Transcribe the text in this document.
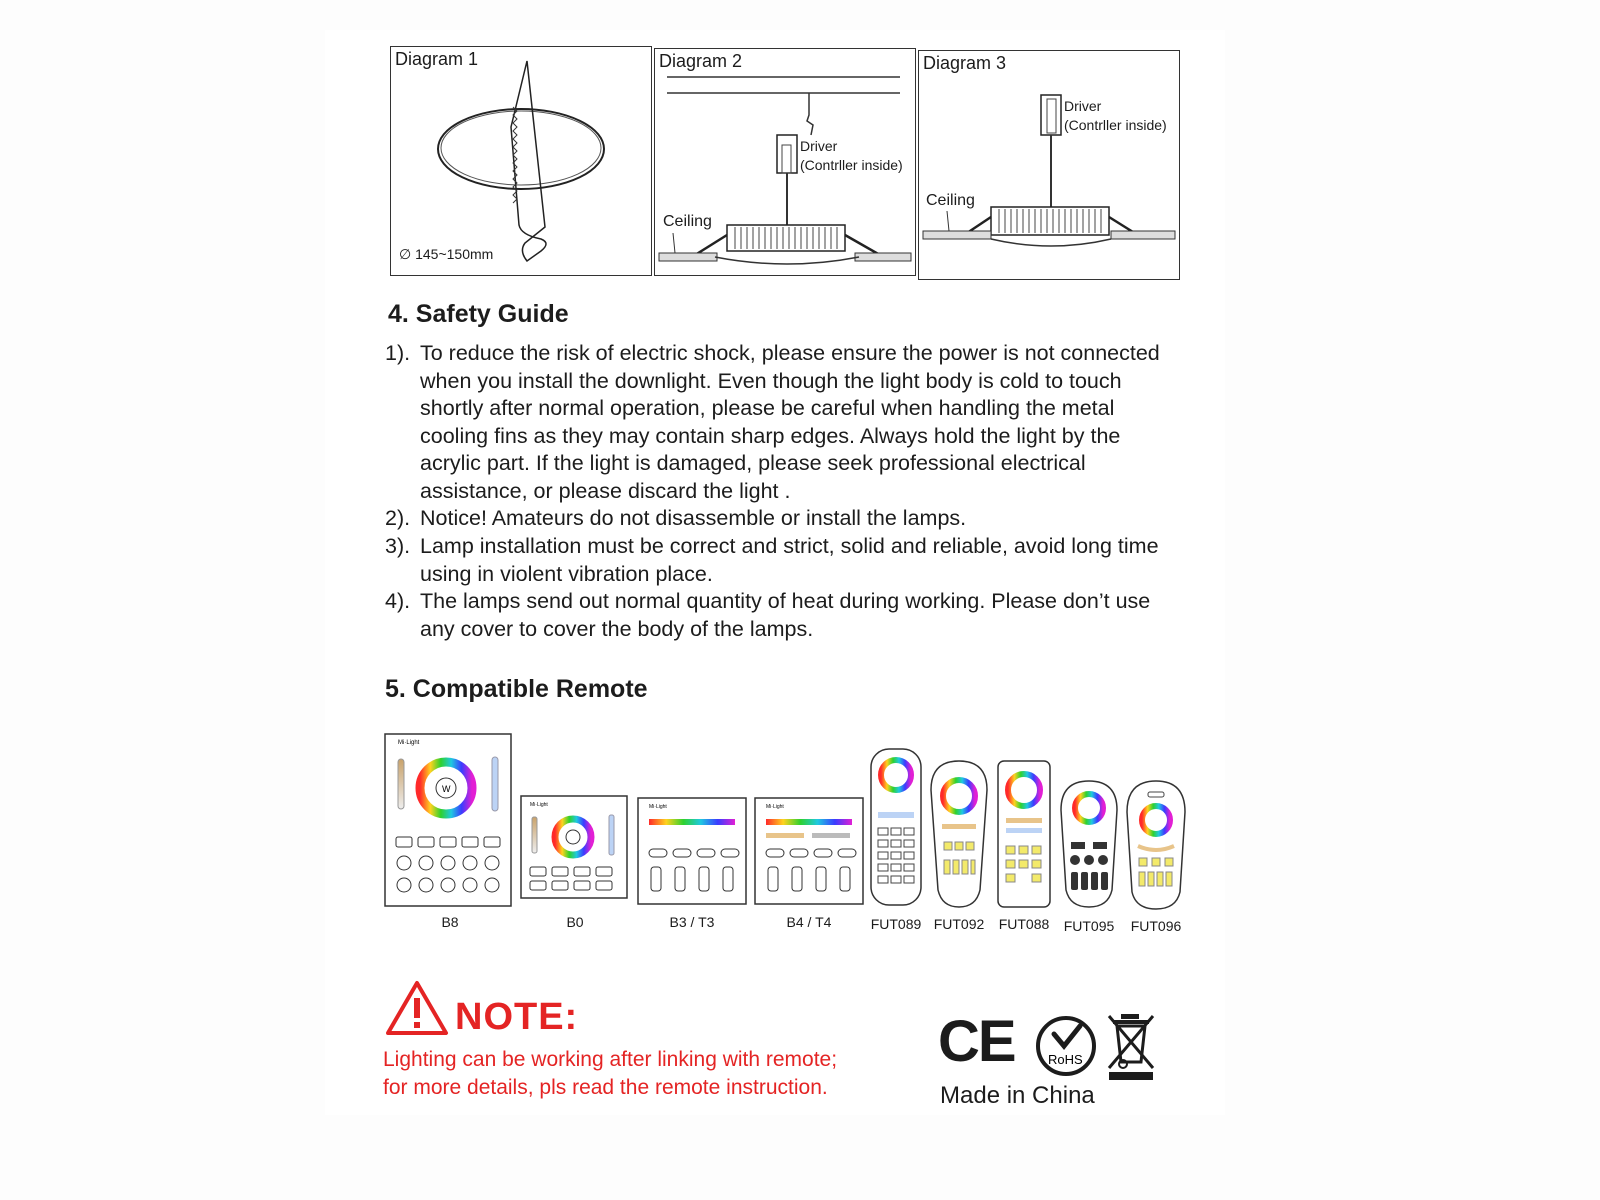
Diagram 1
∅ 145~150mm
Diagram 2
Driver
(Contrller inside)
Ceiling
Diagram 3
Driver
(Contrller inside)
Ceiling
4. Safety Guide
1). To reduce the risk of electric shock, please ensure the power is not connected when you install the downlight. Even though the light body is cold to touch shortly after normal operation, please be careful when handling the metal cooling fins as they may contain sharp edges. Always hold the light by the acrylic part. If the light is damaged, please seek professional electrical assistance, or please discard the light .
2). Notice! Amateurs do not disassemble or install the lamps.
3). Lamp installation must be correct and strict, solid and reliable, avoid long time using in violent vibration place.
4). The lamps send out normal quantity of heat during working. Please don’t use any cover to cover the body of the lamps.
5. Compatible Remote
Mi·Light
W
B8
Mi·Light
B0
Mi·Light
B3 / T3
Mi·Light
B4 / T4	FUT089 FUT092	FUT088	FUT095	FUT096
NOTE:
Lighting can be working after linking with remote;
for more details, pls read the remote instruction.
CE	RoHS
Made in China
